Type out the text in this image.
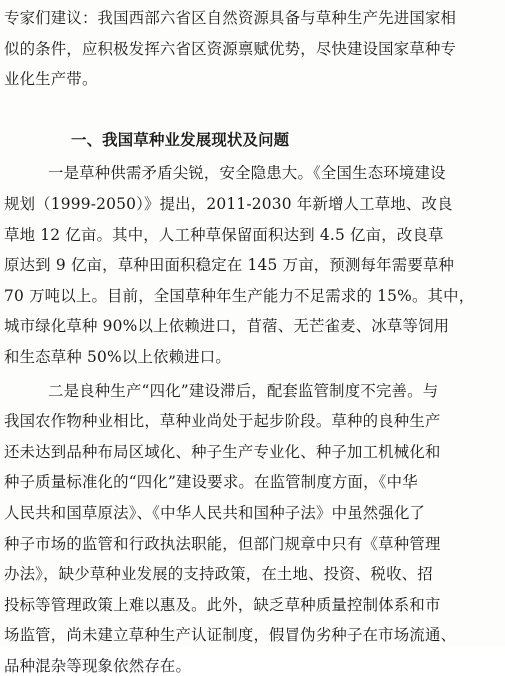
专家们建议：我国西部六省区自然资源具备与草种生产先进国家相
似的条件，应积极发挥六省区资源禀赋优势，尽快建设国家草种专
业化生产带。
一、我国草种业发展现状及问题
一是草种供需矛盾尖锐，安全隐患大。《全国生态环境建设
规划（1999-2050）》提出，2011-2030 年新增人工草地、改良
草地 12 亿亩。其中，人工种草保留面积达到 4.5 亿亩，改良草
原达到 9 亿亩，草种田面积稳定在 145 万亩，预测每年需要草种
70 万吨以上。目前，全国草种年生产能力不足需求的 15%。其中，
城市绿化草种 90%以上依赖进口，苜蓿、无芒雀麦、冰草等饲用
和生态草种 50%以上依赖进口。
二是良种生产“四化”建设滞后，配套监管制度不完善。与
我国农作物种业相比，草种业尚处于起步阶段。草种的良种生产
还未达到品种布局区域化、种子生产专业化、种子加工机械化和
种子质量标准化的“四化”建设要求。在监管制度方面，《中华
人民共和国草原法》、《中华人民共和国种子法》中虽然强化了
种子市场的监管和行政执法职能，但部门规章中只有《草种管理
办法》，缺少草种业发展的支持政策，在土地、投资、税收、招
投标等管理政策上难以惠及。此外，缺乏草种质量控制体系和市
场监管，尚未建立草种生产认证制度，假冒伪劣种子在市场流通、
品种混杂等现象依然存在。
